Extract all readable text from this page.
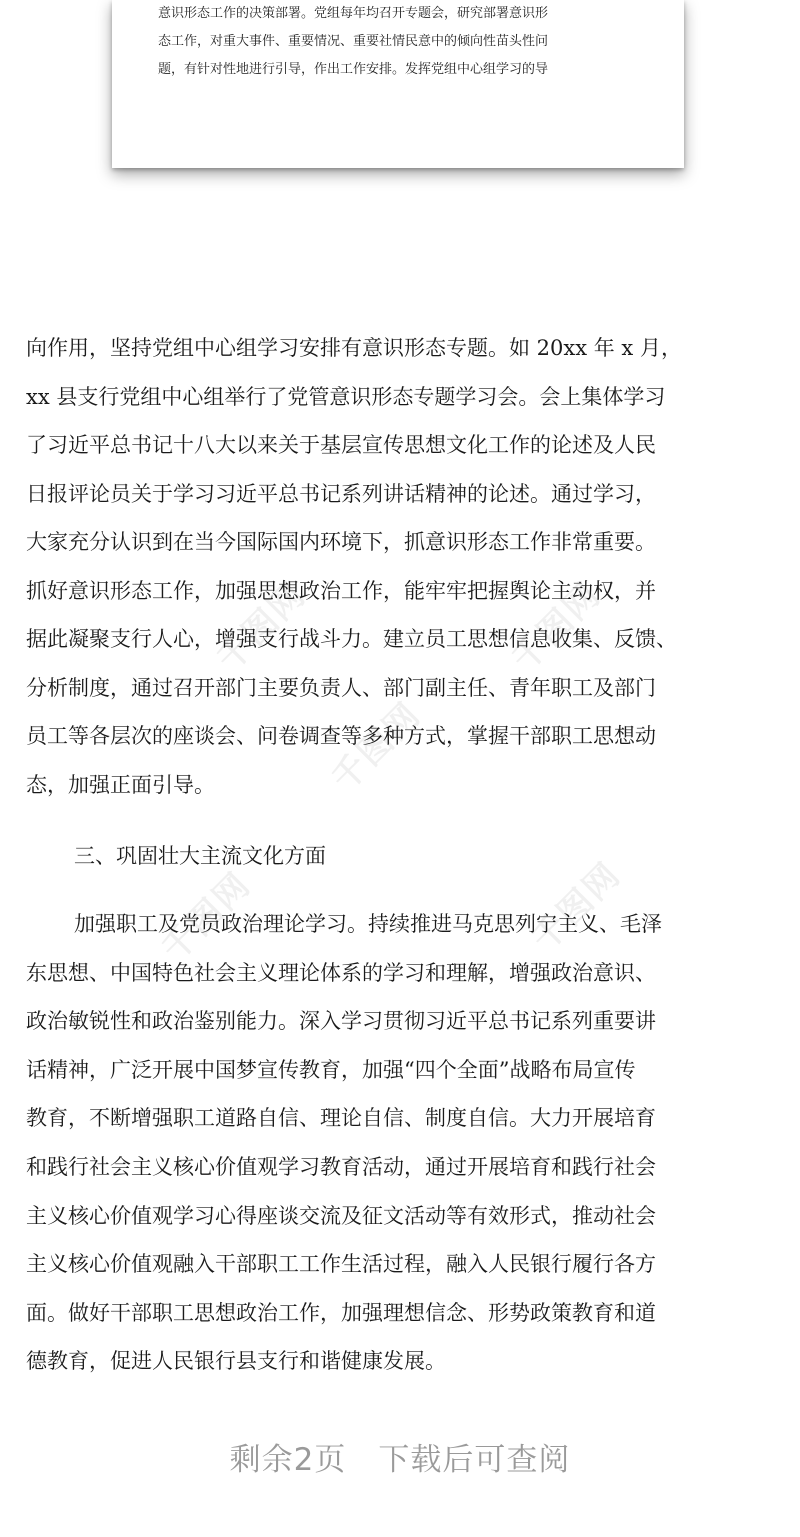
意识形态工作的决策部署。党组每年均召开专题会，研究部署意识形

态工作，对重大事件、重要情况、重要社情民意中的倾向性苗头性问

题，有针对性地进行引导，作出工作安排。发挥党组中心组学习的导

千图网	千图网
千图网
千图网	千图网

向作用，坚持党组中心组学习安排有意识形态专题。如 20xx 年 x 月，

xx 县支行党组中心组举行了党管意识形态专题学习会。会上集体学习

了习近平总书记十八大以来关于基层宣传思想文化工作的论述及人民

日报评论员关于学习习近平总书记系列讲话精神的论述。通过学习，

大家充分认识到在当今国际国内环境下，抓意识形态工作非常重要。

抓好意识形态工作，加强思想政治工作，能牢牢把握舆论主动权，并

据此凝聚支行人心，增强支行战斗力。建立员工思想信息收集、反馈、

分析制度，通过召开部门主要负责人、部门副主任、青年职工及部门

员工等各层次的座谈会、问卷调查等多种方式，掌握干部职工思想动

态，加强正面引导。

三、巩固壮大主流文化方面

加强职工及党员政治理论学习。持续推进马克思列宁主义、毛泽

东思想、中国特色社会主义理论体系的学习和理解，增强政治意识、

政治敏锐性和政治鉴别能力。深入学习贯彻习近平总书记系列重要讲

话精神，广泛开展中国梦宣传教育，加强“四个全面”战略布局宣传

教育，不断增强职工道路自信、理论自信、制度自信。大力开展培育

和践行社会主义核心价值观学习教育活动，通过开展培育和践行社会

主义核心价值观学习心得座谈交流及征文活动等有效形式，推动社会

主义核心价值观融入干部职工工作生活过程，融入人民银行履行各方

面。做好干部职工思想政治工作，加强理想信念、形势政策教育和道

德教育，促进人民银行县支行和谐健康发展。

剩余2页　下载后可查阅
